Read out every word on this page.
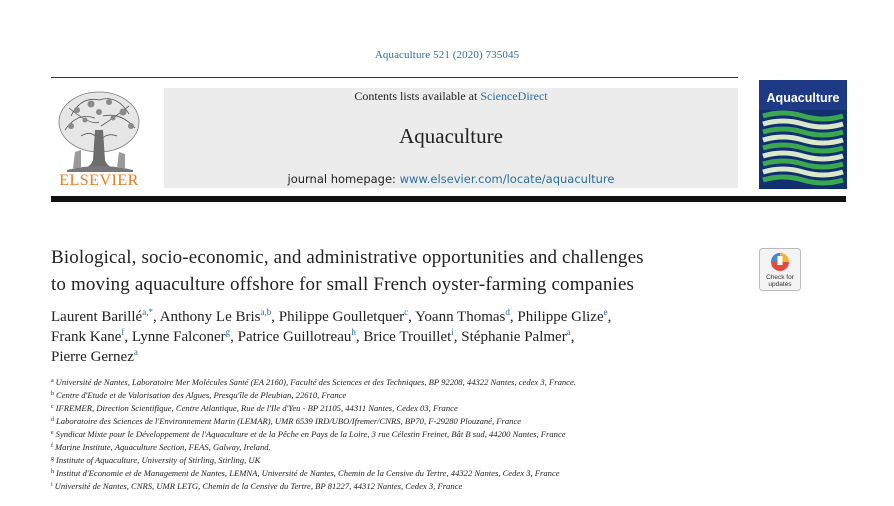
Aquaculture 521 (2020) 735045
ELSEVIER
Contents lists available at ScienceDirect
Aquaculture
journal homepage: www.elsevier.com/locate/aquaculture
Aquaculture
Biological, socio-economic, and administrative opportunities and challenges
to moving aquaculture offshore for small French oyster-farming companies	Check for
updates
Laurent Barillé$^{a,*}$, Anthony Le Bris$^{a,b}$, Philippe Goulletquer$^c$, Yoann Thomas$^d$, Philippe Glize$^e$,
Frank Kane$^f$, Lynne Falconer$^g$, Patrice Guillotreau$^h$, Brice Trouillet$^i$, Stéphanie Palmer$^a$,
Pierre Gernez$^a$
$^a$ Université de Nantes, Laboratoire Mer Molécules Santé (EA 2160), Faculté des Sciences et des Techniques, BP 92208, 44322 Nantes, cedex 3, France.
$^b$ Centre d'Etude et de Valorisation des Algues, Presqu'île de Pleubian, 22610, France
$^c$ IFREMER, Direction Scientifique, Centre Atlantique, Rue de l'Ile d'Yeu - BP 21105, 44311 Nantes, Cedex 03, France
$^d$ Laboratoire des Sciences de l'Environnement Marin (LEMAR), UMR 6539 IRD/UBO/Ifremer/CNRS, BP70, F-29280 Plouzané, France
$^e$ Syndicat Mixte pour le Développement de l'Aquaculture et de la Pêche en Pays de la Loire, 3 rue Célestin Freinet, Bât B sud, 44200 Nantes, France
$^f$ Marine Institute, Aquaculture Section, FEAS, Galway, Ireland.
$^g$ Institute of Aquaculture, University of Stirling, Stirling, UK
$^h$ Institut d'Economie et de Management de Nantes, LEMNA, Université de Nantes, Chemin de la Censive du Tertre, 44322 Nantes, Cedex 3, France
$^i$ Université de Nantes, CNRS, UMR LETG, Chemin de la Censive du Tertre, BP 81227, 44312 Nantes, Cedex 3, France
